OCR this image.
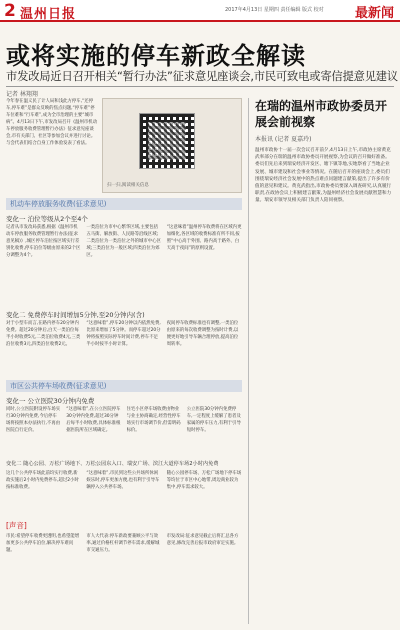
2 温州日报	2017年4月13日 星期四 责任编辑 版式 校对 最新闻
或将实施的停车新政全解读
市发改局近日召开相关“暂行办法”征求意见座谈会,市民可致电或寄信提意见建议
记者 林翔翔

今年春在温义民了计人局和浅此方停车,“还停车,停车难”是群众反映的焦点问题,“停车难”停车位难和“行车难”,成为全市治理的主要“城市病”。4月13日下午,市发改局召开《温州市机动车停放服务收费管理暂行办法》征求意见座谈会,市有关部门、社区等参加会议并进行讨论。与会代表们结合自身工作体验发表了看法。

扫一扫,阅读相关信息
机动车停放服务收费(征求意见)
变化一 泊位等级从2个至4个

记者从市发改局获悉,根据《温州市机动车停放服务收费管理暂行办法(征求意见稿)》,城区停车泊位按区域实行差别化收费,停车泊位等级由原来的2个区分调整为4个。

一类泊位为市中心繁华区域,主要包括五马街、解放街、人民路等沿线区域;二类泊位为一类泊位之外的城市中心区域;三类泊位为一般区域;四类泊位为郊区。

“这意味着”温州停车收费将在区域内更加细化,各区域的收费标准有所不同,按照“中心高于外围、路内高于路外、白天高于夜间”的原则设置。

变化二 免费停车时间增加5分钟,至20分钟内(含)

对于小型车而言,在路内停车20分钟内免费。超过20分钟后,白天一类泊位每半小时收费5元,二类泊位收费4元,三类泊位收费3元,四类泊位收费2元。

“这意味着”,停车20分钟以内依然免费,比原来增加了5分钟。而停车超过20分钟将按照实际停车时间计费,停车不足半小时按半小时计算。

夜间停车收费标准也有调整,一类泊位由原来的每次收费调整为按时计费,以便更好地引导车辆合理停放,提高泊位周转率。

市区公共停车场收费(征求意见)
变化一 公立医院30分钟内免费

同时,公立医院附设停车场实行30分钟内免费,今后停车场将按照本办法执行,不再由医院自行定价。

“这意味着”,在公立医院停车30分钟内免费,超过30分钟后每半小时收费,具体标准根据医院所在区域确定。

住宅小区停车场收费由物业与业主协商确定,经营性停车场实行市场调节价,但需明码标价。

公立医院30分钟内免费停车,一定程度上缓解了患者及家属的停车压力,有利于引导短时停车。

变化二 随心公园、万松广场地下、万松公园东入口、瑞安广场、滨江大道停车场2小时内免费

这几个公共停车场此前均实行收费,新政实施后2小时内免费停车,超过2小时按标准收费。

“这意味着”,市民到这些公共场所休闲娱乐时,停车更加方便,也有利于引导车辆停入公共停车场。

随心公园停车场、万松广场地下停车场等均位于市区中心地带,周边商业较为集中,停车需求较大。

[声音]

市民:希望停车收费更透明,也希望能增加更多公共停车泊位,解决停车难问题。

市人大代表:停车新政要兼顾公平与效率,通过价格杠杆调节停车需求,缓解城市交通压力。

市发改局:征求意见截止后将汇总各方意见,修改完善后报市政府审定实施。

在瑞的温州市政协委员开展会前视察
本报讯 (记者 夏嘉玲)

温州市政协十一届一次会议召开前夕,4月13日上午,市政协主席黄克武率部分在瑞的温州市政协委员开展视察,为会议的召开做好准备。委员们先后来到瑞安经济开发区、塘下镇等地,实地察看了当地企业发展、城市建设和社会事业等情况。在随后召开的座谈会上,委员们围绕瑞安经济社会发展中的热点难点问题建言献策,提出了许多有价值的意见和建议。黄克武指出,市政协委员要深入调查研究,认真履行职责,在政协会议上积极建言献策,为温州经济社会发展贡献智慧和力量。瑞安市领导及相关部门负责人陪同视察。
